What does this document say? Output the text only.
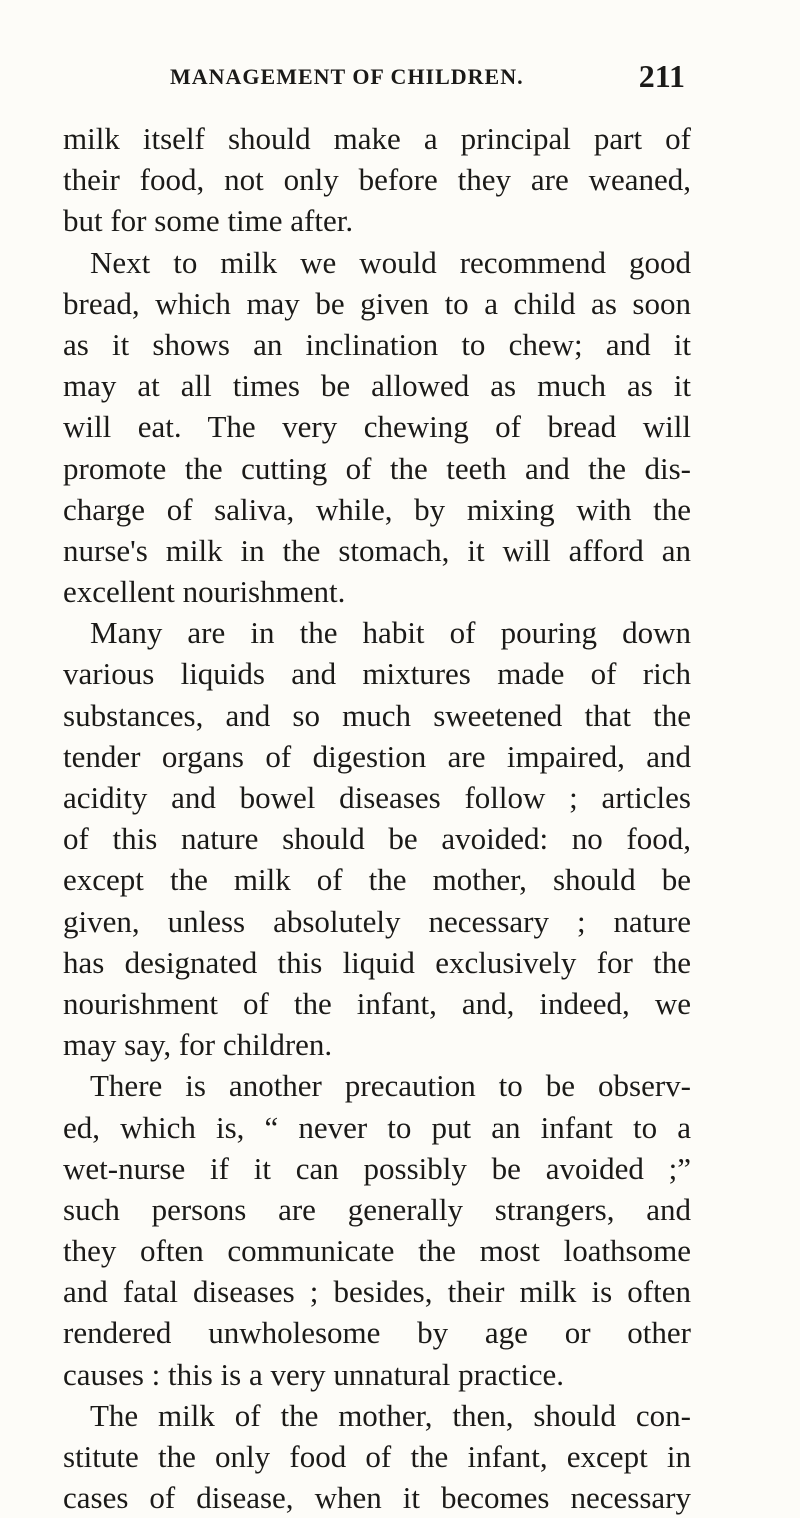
MANAGEMENT OF CHILDREN.	211
milk itself should make a principal part of
their food, not only before they are weaned,
but for some time after.
Next to milk we would recommend good
bread, which may be given to a child as soon
as it shows an inclination to chew; and it
may at all times be allowed as much as it
will eat. The very chewing of bread will
promote the cutting of the teeth and the dis-
charge of saliva, while, by mixing with the
nurse's milk in the stomach, it will afford an
excellent nourishment.
Many are in the habit of pouring down
various liquids and mixtures made of rich
substances, and so much sweetened that the
tender organs of digestion are impaired, and
acidity and bowel diseases follow ; articles
of this nature should be avoided: no food,
except the milk of the mother, should be
given, unless absolutely necessary ; nature
has designated this liquid exclusively for the
nourishment of the infant, and, indeed, we
may say, for children.
There is another precaution to be observ-
ed, which is, “ never to put an infant to a
wet-nurse if it can possibly be avoided ;”
such persons are generally strangers, and
they often communicate the most loathsome
and fatal diseases ; besides, their milk is often
rendered unwholesome by age or other
causes : this is a very unnatural practice.
The milk of the mother, then, should con-
stitute the only food of the infant, except in
cases of disease, when it becomes necessary
